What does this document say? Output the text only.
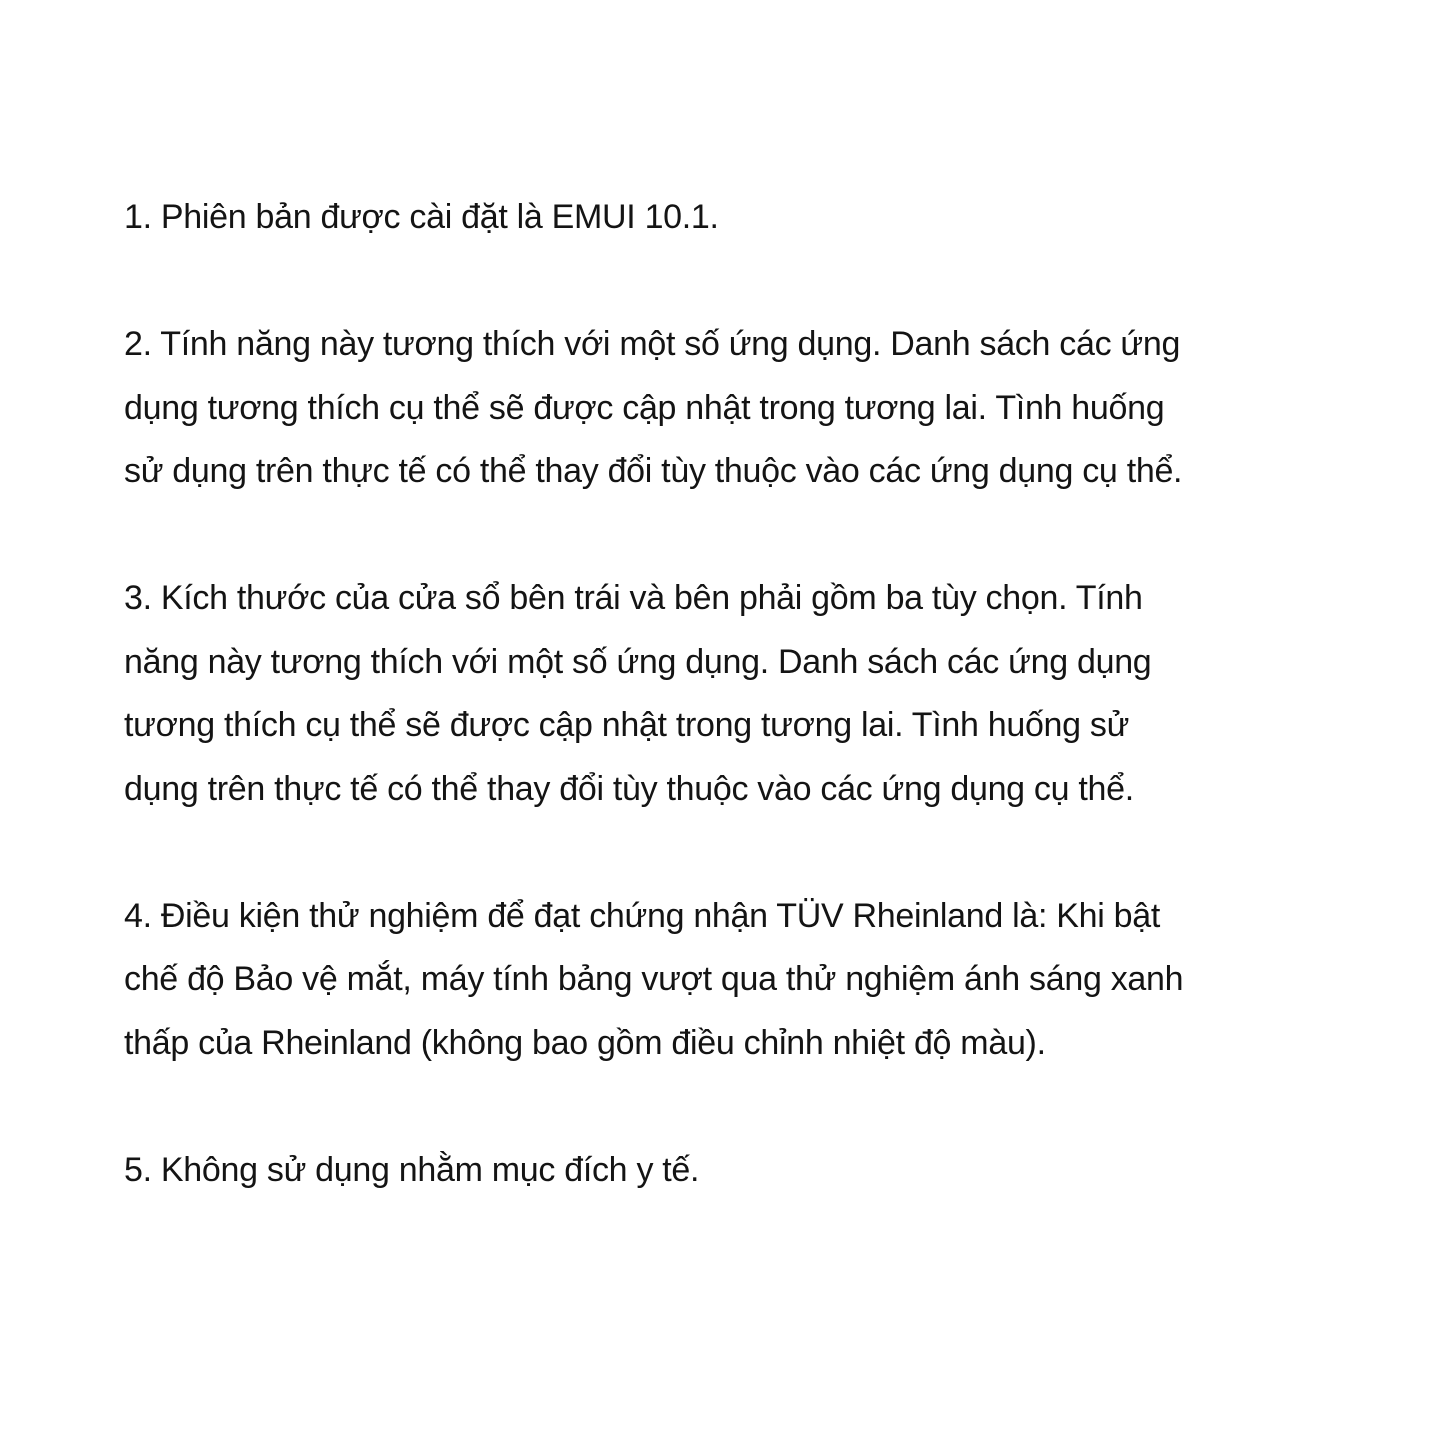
1. Phiên bản được cài đặt là EMUI 10.1.

2. Tính năng này tương thích với một số ứng dụng. Danh sách các ứng
dụng tương thích cụ thể sẽ được cập nhật trong tương lai. Tình huống
sử dụng trên thực tế có thể thay đổi tùy thuộc vào các ứng dụng cụ thể.

3. Kích thước của cửa sổ bên trái và bên phải gồm ba tùy chọn. Tính
năng này tương thích với một số ứng dụng. Danh sách các ứng dụng
tương thích cụ thể sẽ được cập nhật trong tương lai. Tình huống sử
dụng trên thực tế có thể thay đổi tùy thuộc vào các ứng dụng cụ thể.

4. Điều kiện thử nghiệm để đạt chứng nhận TÜV Rheinland là: Khi bật
chế độ Bảo vệ mắt, máy tính bảng vượt qua thử nghiệm ánh sáng xanh
thấp của Rheinland (không bao gồm điều chỉnh nhiệt độ màu).

5. Không sử dụng nhằm mục đích y tế.
